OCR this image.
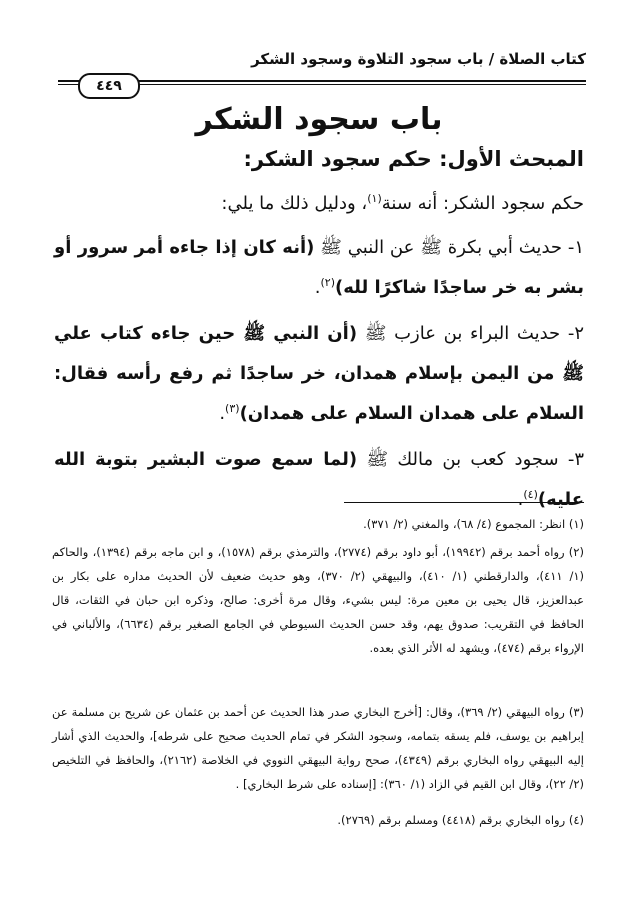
كتاب الصلاة / باب سجود التلاوة وسجود الشكر
٤٤٩
باب سجود الشكر
المبحث الأول: حكم سجود الشكر:
حكم سجود الشكر: أنه سنة$^{(١)}$، ودليل ذلك ما يلي:
١- حديث أبي بكرة ﷺ عن النبي ﷺ (أنه كان إذا جاءه أمر سرور أو بشر به خر ساجدًا شاكرًا لله)$^{(٢)}$.
٢- حديث البراء بن عازب ﷺ (أن النبي ﷺ حين جاءه كتاب علي ﷺ من اليمن بإسلام همدان، خر ساجدًا ثم رفع رأسه فقال: السلام على همدان السلام على همدان)$^{(٣)}$.
٣- سجود كعب بن مالك ﷺ (لما سمع صوت البشير بتوبة الله عليه)$^{(٤)}$.
(١) انظر: المجموع (٤/ ٦٨)، والمغني (٢/ ٣٧١).
(٢) رواه أحمد برقم (١٩٩٤٢)، أبو داود برقم (٢٧٧٤)، والترمذي برقم (١٥٧٨)، و ابن ماجه برقم (١٣٩٤)، والحاكم (١/ ٤١١)، والدارقطني (١/ ٤١٠)، والبيهقي (٢/ ٣٧٠)، وهو حديث ضعيف لأن الحديث مداره على بكار بن عبدالعزيز، قال يحيى بن معين مرة: ليس بشيء، وقال مرة أخرى: صالح، وذكره ابن حبان في الثقات، قال الحافظ في التقريب: صدوق يهم، وقد حسن الحديث السيوطي في الجامع الصغير برقم (٦٦٣٤)، والألباني في الإرواء برقم (٤٧٤)، ويشهد له الأثر الذي بعده.
(٣) رواه البيهقي (٢/ ٣٦٩)، وقال: [أخرج البخاري صدر هذا الحديث عن أحمد بن عثمان عن شريح بن مسلمة عن إبراهيم بن يوسف، فلم يسقه بتمامه، وسجود الشكر في تمام الحديث صحيح على شرطه]، والحديث الذي أشار إليه البيهقي رواه البخاري برقم (٤٣٤٩)، صحح رواية البيهقي النووي في الخلاصة (٢١٦٢)، والحافظ في التلخيص (٢/ ٢٢)، وقال ابن القيم في الزاد (١/ ٣٦٠): [إسناده على شرط البخاري] .
(٤) رواه البخاري برقم (٤٤١٨) ومسلم برقم (٢٧٦٩).
